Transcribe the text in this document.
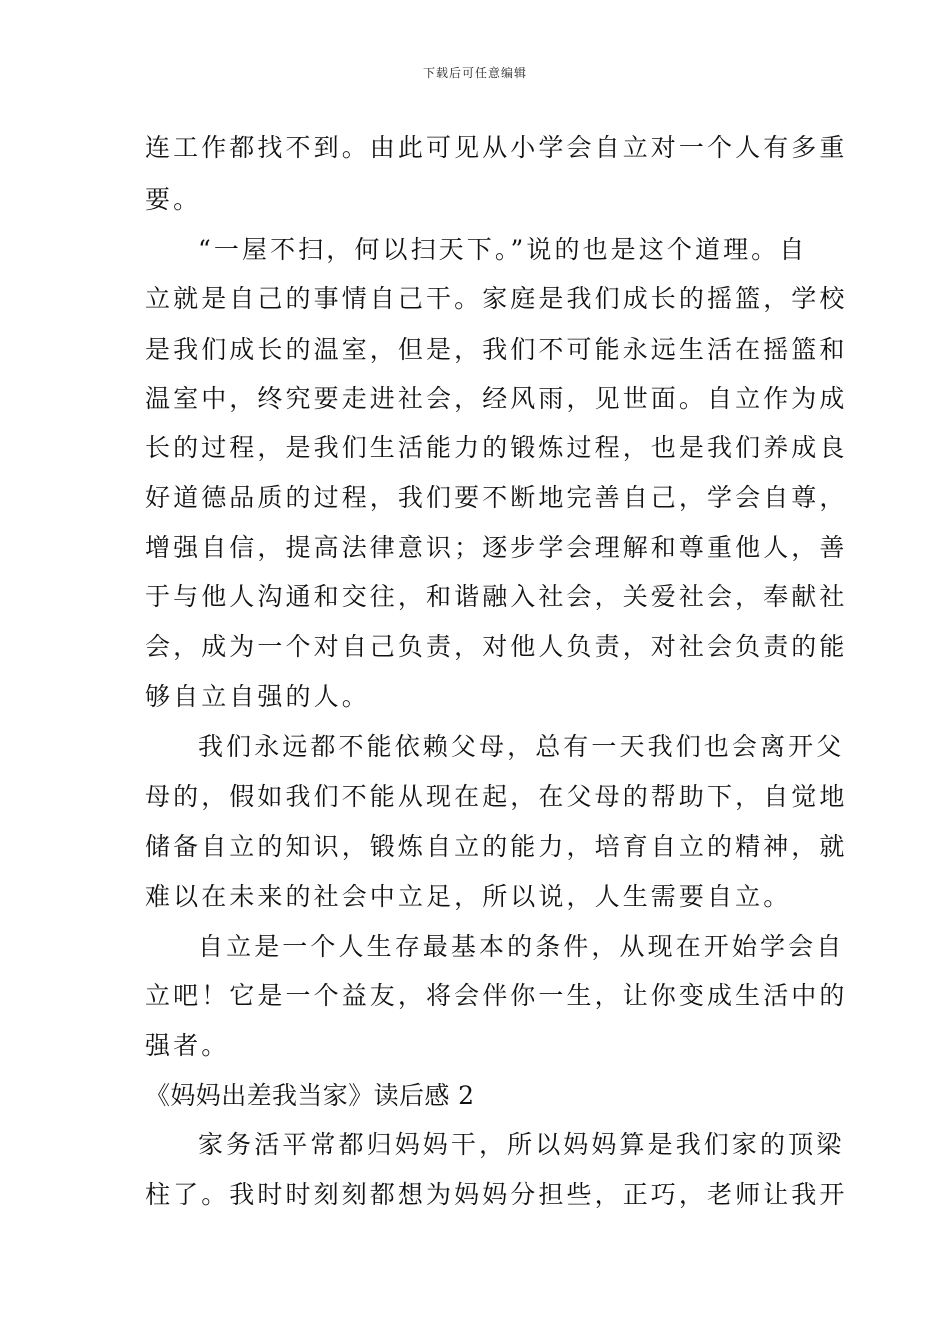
下载后可任意编辑
连工作都找不到。由此可见从小学会自立对一个人有多重
要。
“一屋不扫，何以扫天下。”说的也是这个道理。自
立就是自己的事情自己干。家庭是我们成长的摇篮，学校
是我们成长的温室，但是，我们不可能永远生活在摇篮和
温室中，终究要走进社会，经风雨，见世面。自立作为成
长的过程，是我们生活能力的锻炼过程，也是我们养成良
好道德品质的过程，我们要不断地完善自己，学会自尊，
增强自信，提高法律意识；逐步学会理解和尊重他人，善
于与他人沟通和交往，和谐融入社会，关爱社会，奉献社
会，成为一个对自己负责，对他人负责，对社会负责的能
够自立自强的人。
我们永远都不能依赖父母，总有一天我们也会离开父
母的，假如我们不能从现在起，在父母的帮助下，自觉地
储备自立的知识，锻炼自立的能力，培育自立的精神，就
难以在未来的社会中立足，所以说，人生需要自立。
自立是一个人生存最基本的条件，从现在开始学会自
立吧！它是一个益友，将会伴你一生，让你变成生活中的
强者。
《妈妈出差我当家》读后感 2
家务活平常都归妈妈干，所以妈妈算是我们家的顶梁
柱了。我时时刻刻都想为妈妈分担些，正巧，老师让我开
